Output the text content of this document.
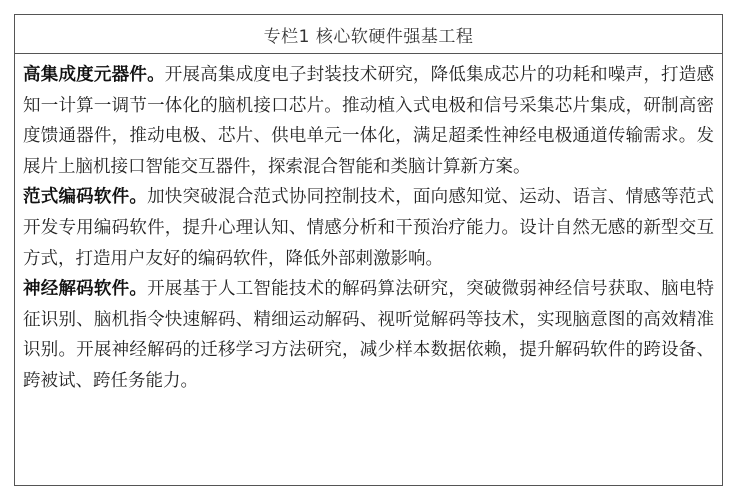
专栏1 核心软硬件强基工程

高集成度元器件。开展高集成度电子封装技术研究，降低集成芯片的功耗和噪声，打造感知一计算一调节一体化的脑机接口芯片。推动植入式电极和信号采集芯片集成，研制高密度馈通器件，推动电极、芯片、供电单元一体化，满足超柔性神经电极通道传输需求。发展片上脑机接口智能交互器件，探索混合智能和类脑计算新方案。

范式编码软件。加快突破混合范式协同控制技术，面向感知觉、运动、语言、情感等范式开发专用编码软件，提升心理认知、情感分析和干预治疗能力。设计自然无感的新型交互方式，打造用户友好的编码软件，降低外部刺激影响。

神经解码软件。开展基于人工智能技术的解码算法研究，突破微弱神经信号获取、脑电特征识别、脑机指令快速解码、精细运动解码、视听觉解码等技术，实现脑意图的高效精准识别。开展神经解码的迁移学习方法研究，减少样本数据依赖，提升解码软件的跨设备、跨被试、跨任务能力。
